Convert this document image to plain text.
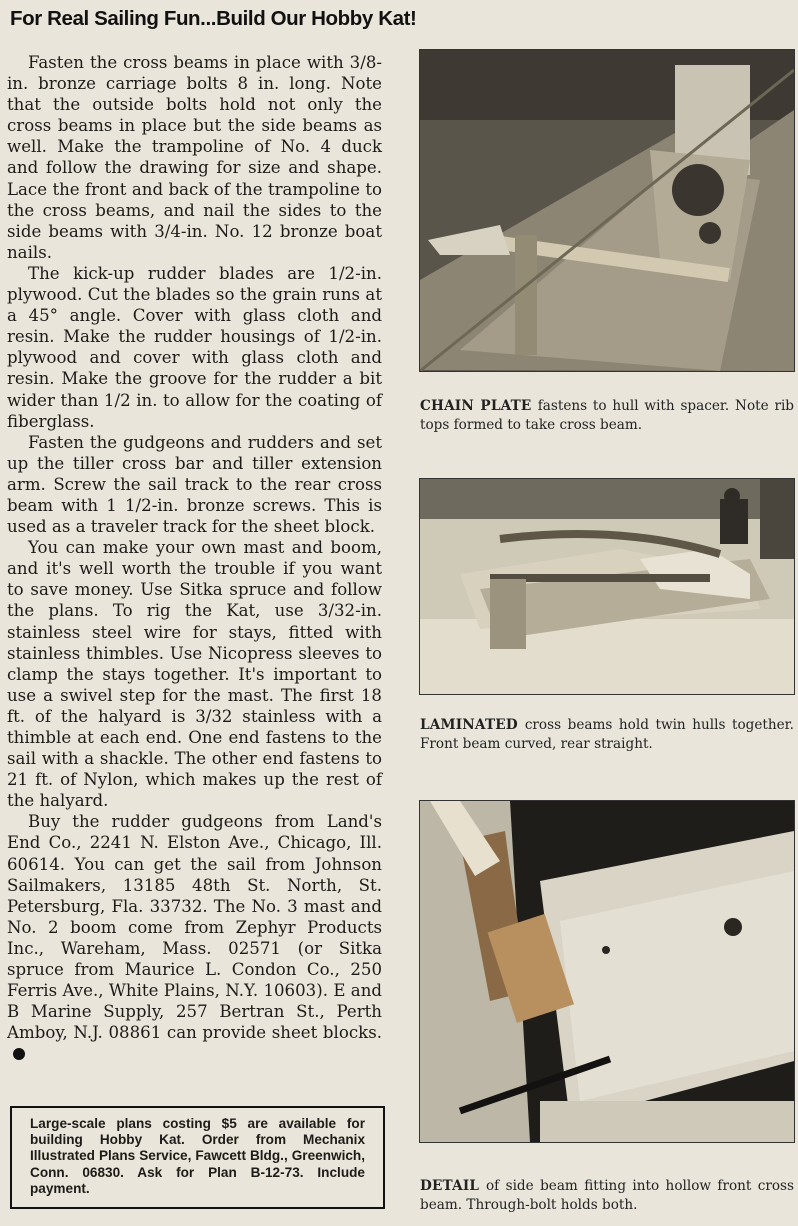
For Real Sailing Fun...Build Our Hobby Kat!

Fasten the cross beams in place with 3/8-in. bronze carriage bolts 8 in. long. Note that the outside bolts hold not only the cross beams in place but the side beams as well. Make the trampoline of No. 4 duck and follow the drawing for size and shape. Lace the front and back of the trampoline to the cross beams, and nail the sides to the side beams with 3/4-in. No. 12 bronze boat nails.

The kick-up rudder blades are 1/2-in. plywood. Cut the blades so the grain runs at a 45° angle. Cover with glass cloth and resin. Make the rudder housings of 1/2-in. plywood and cover with glass cloth and resin. Make the groove for the rudder a bit wider than 1/2 in. to allow for the coating of fiberglass.

Fasten the gudgeons and rudders and set up the tiller cross bar and tiller extension arm. Screw the sail track to the rear cross beam with 1 1/2-in. bronze screws. This is used as a traveler track for the sheet block.

You can make your own mast and boom, and it's well worth the trouble if you want to save money. Use Sitka spruce and follow the plans. To rig the Kat, use 3/32-in. stainless steel wire for stays, fitted with stainless thimbles. Use Nicopress sleeves to clamp the stays together. It's important to use a swivel step for the mast. The first 18 ft. of the halyard is 3/32 stainless with a thimble at each end. One end fastens to the sail with a shackle. The other end fastens to 21 ft. of Nylon, which makes up the rest of the halyard.

Buy the rudder gudgeons from Land's End Co., 2241 N. Elston Ave., Chicago, Ill. 60614. You can get the sail from Johnson Sailmakers, 13185 48th St. North, St. Petersburg, Fla. 33732. The No. 3 mast and No. 2 boom come from Zephyr Products Inc., Wareham, Mass. 02571 (or Sitka spruce from Maurice L. Condon Co., 250 Ferris Ave., White Plains, N.Y. 10603). E and B Marine Supply, 257 Bertran St., Perth Amboy, N.J. 08861 can provide sheet blocks.

Large-scale plans costing $5 are available for building Hobby Kat. Order from Mechanix Illustrated Plans Service, Fawcett Bldg., Greenwich, Conn. 06830. Ask for Plan B-12-73. Include payment.
CHAIN PLATE fastens to hull with spacer. Note rib tops formed to take cross beam.
LAMINATED cross beams hold twin hulls together. Front beam curved, rear straight.
DETAIL of side beam fitting into hollow front cross beam. Through-bolt holds both.
